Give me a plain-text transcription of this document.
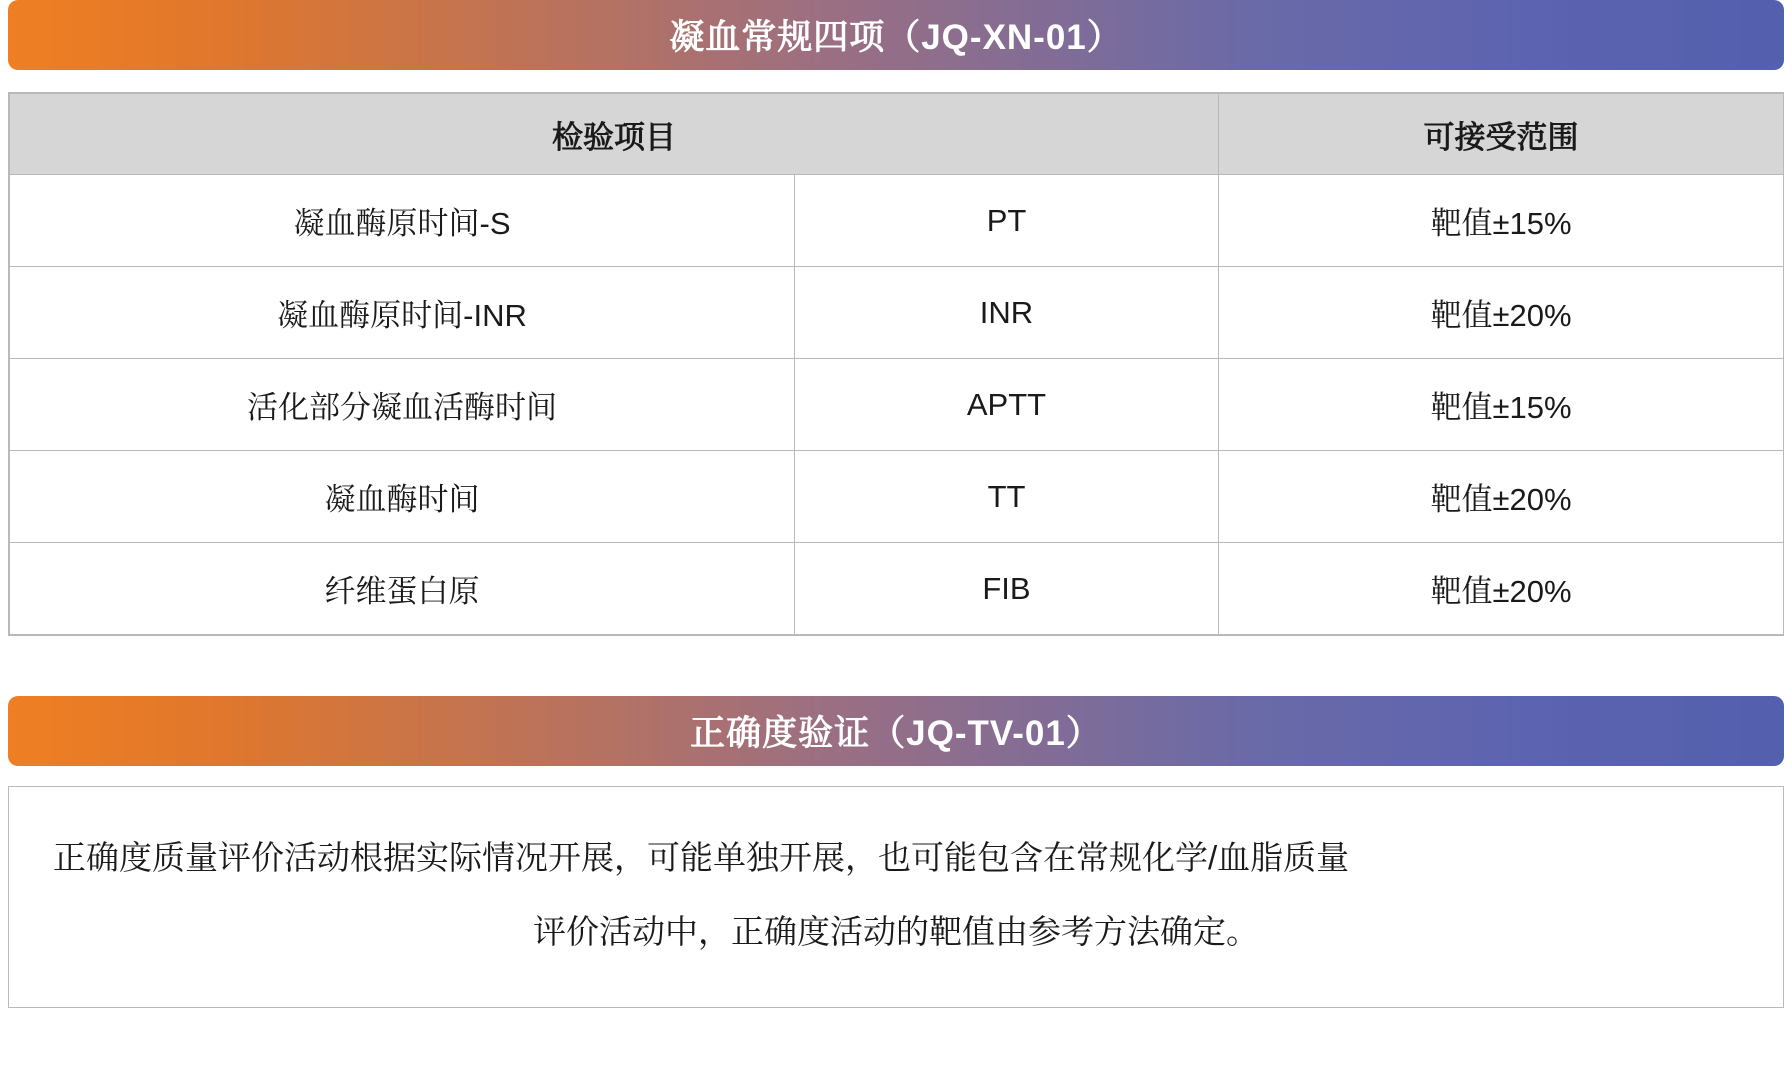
凝血常规四项（JQ-XN-01）
检验项目		可接受范围
凝血酶原时间-S	PT	靶值±15%
凝血酶原时间-INR	INR	靶值±20%
活化部分凝血活酶时间	APTT	靶值±15%
凝血酶时间	TT	靶值±20%
纤维蛋白原	FIB	靶值±20%
正确度验证（JQ-TV-01）
正确度质量评价活动根据实际情况开展，可能单独开展，也可能包含在常规化学/血脂质量
评价活动中，正确度活动的靶值由参考方法确定。
